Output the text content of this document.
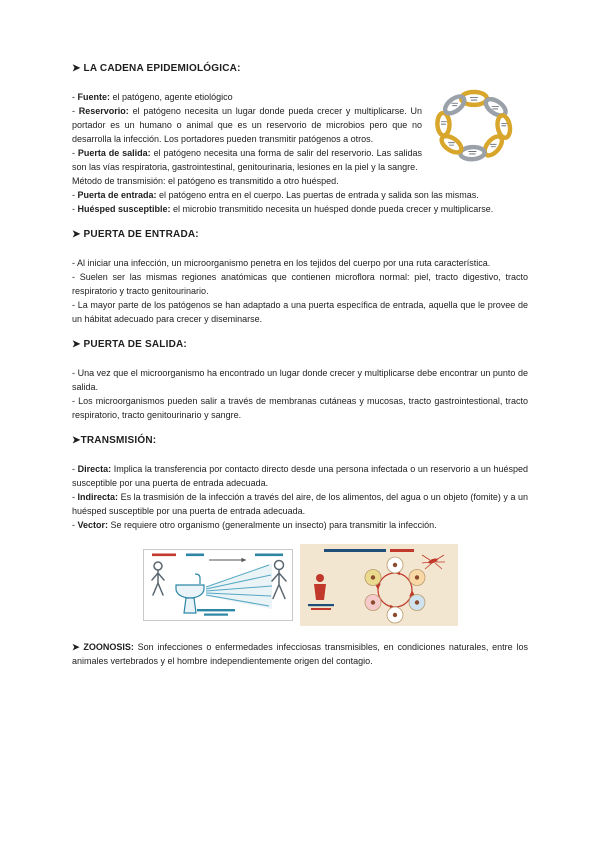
➤ LA CADENA EPIDEMIOLÓGICA:

- Fuente: el patógeno, agente etiológico

- Reservorio: el patógeno necesita un lugar donde pueda crecer y multiplicarse. Un portador es un humano o animal que es un reservorio de microbios pero que no desarrolla la infección. Los portadores pueden transmitir patógenos a otros.

- Puerta de salida: el patógeno necesita una forma de salir del reservorio. Las salidas son las vías respiratoria, gastrointestinal, genitourinaria, lesiones en la piel y la sangre.

Método de transmisión: el patógeno es transmitido a otro huésped.

- Puerta de entrada: el patógeno entra en el cuerpo. Las puertas de entrada y salida son las mismas.

- Huésped susceptible: el microbio transmitido necesita un huésped donde pueda crecer y multiplicarse.

➤ PUERTA DE ENTRADA:

- Al iniciar una infección, un microorganismo penetra en los tejidos del cuerpo por una ruta característica.

- Suelen ser las mismas regiones anatómicas que contienen microflora normal: piel, tracto digestivo, tracto respiratorio y tracto genitourinario.

- La mayor parte de los patógenos se han adaptado a una puerta específica de entrada, aquella que le provee de un hábitat adecuado para crecer y diseminarse.

➤ PUERTA DE SALIDA:

- Una vez que el microorganismo ha encontrado un lugar donde crecer y multiplicarse debe encontrar un punto de salida.

- Los microorganismos pueden salir a través de membranas cutáneas y mucosas, tracto gastrointestional, tracto respiratorio, tracto genitourinario y sangre.

➤TRANSMISIÓN:

- Directa: Implica la transferencia por contacto directo desde una persona infectada o un reservorio a un huésped susceptible por una puerta de entrada adecuada.

- Indirecta: Es la trasmisión de la infección a través del aire, de los alimentos, del agua o un objeto (fomite) y a un huésped susceptible por una puerta de entrada adecuada.

- Vector: Se requiere otro organismo (generalmente un insecto) para transmitir la infección.

➤ ZOONOSIS: Son infecciones o enfermedades infecciosas transmisibles, en condiciones naturales, entre los animales vertebrados y el hombre independientemente origen del contagio.
